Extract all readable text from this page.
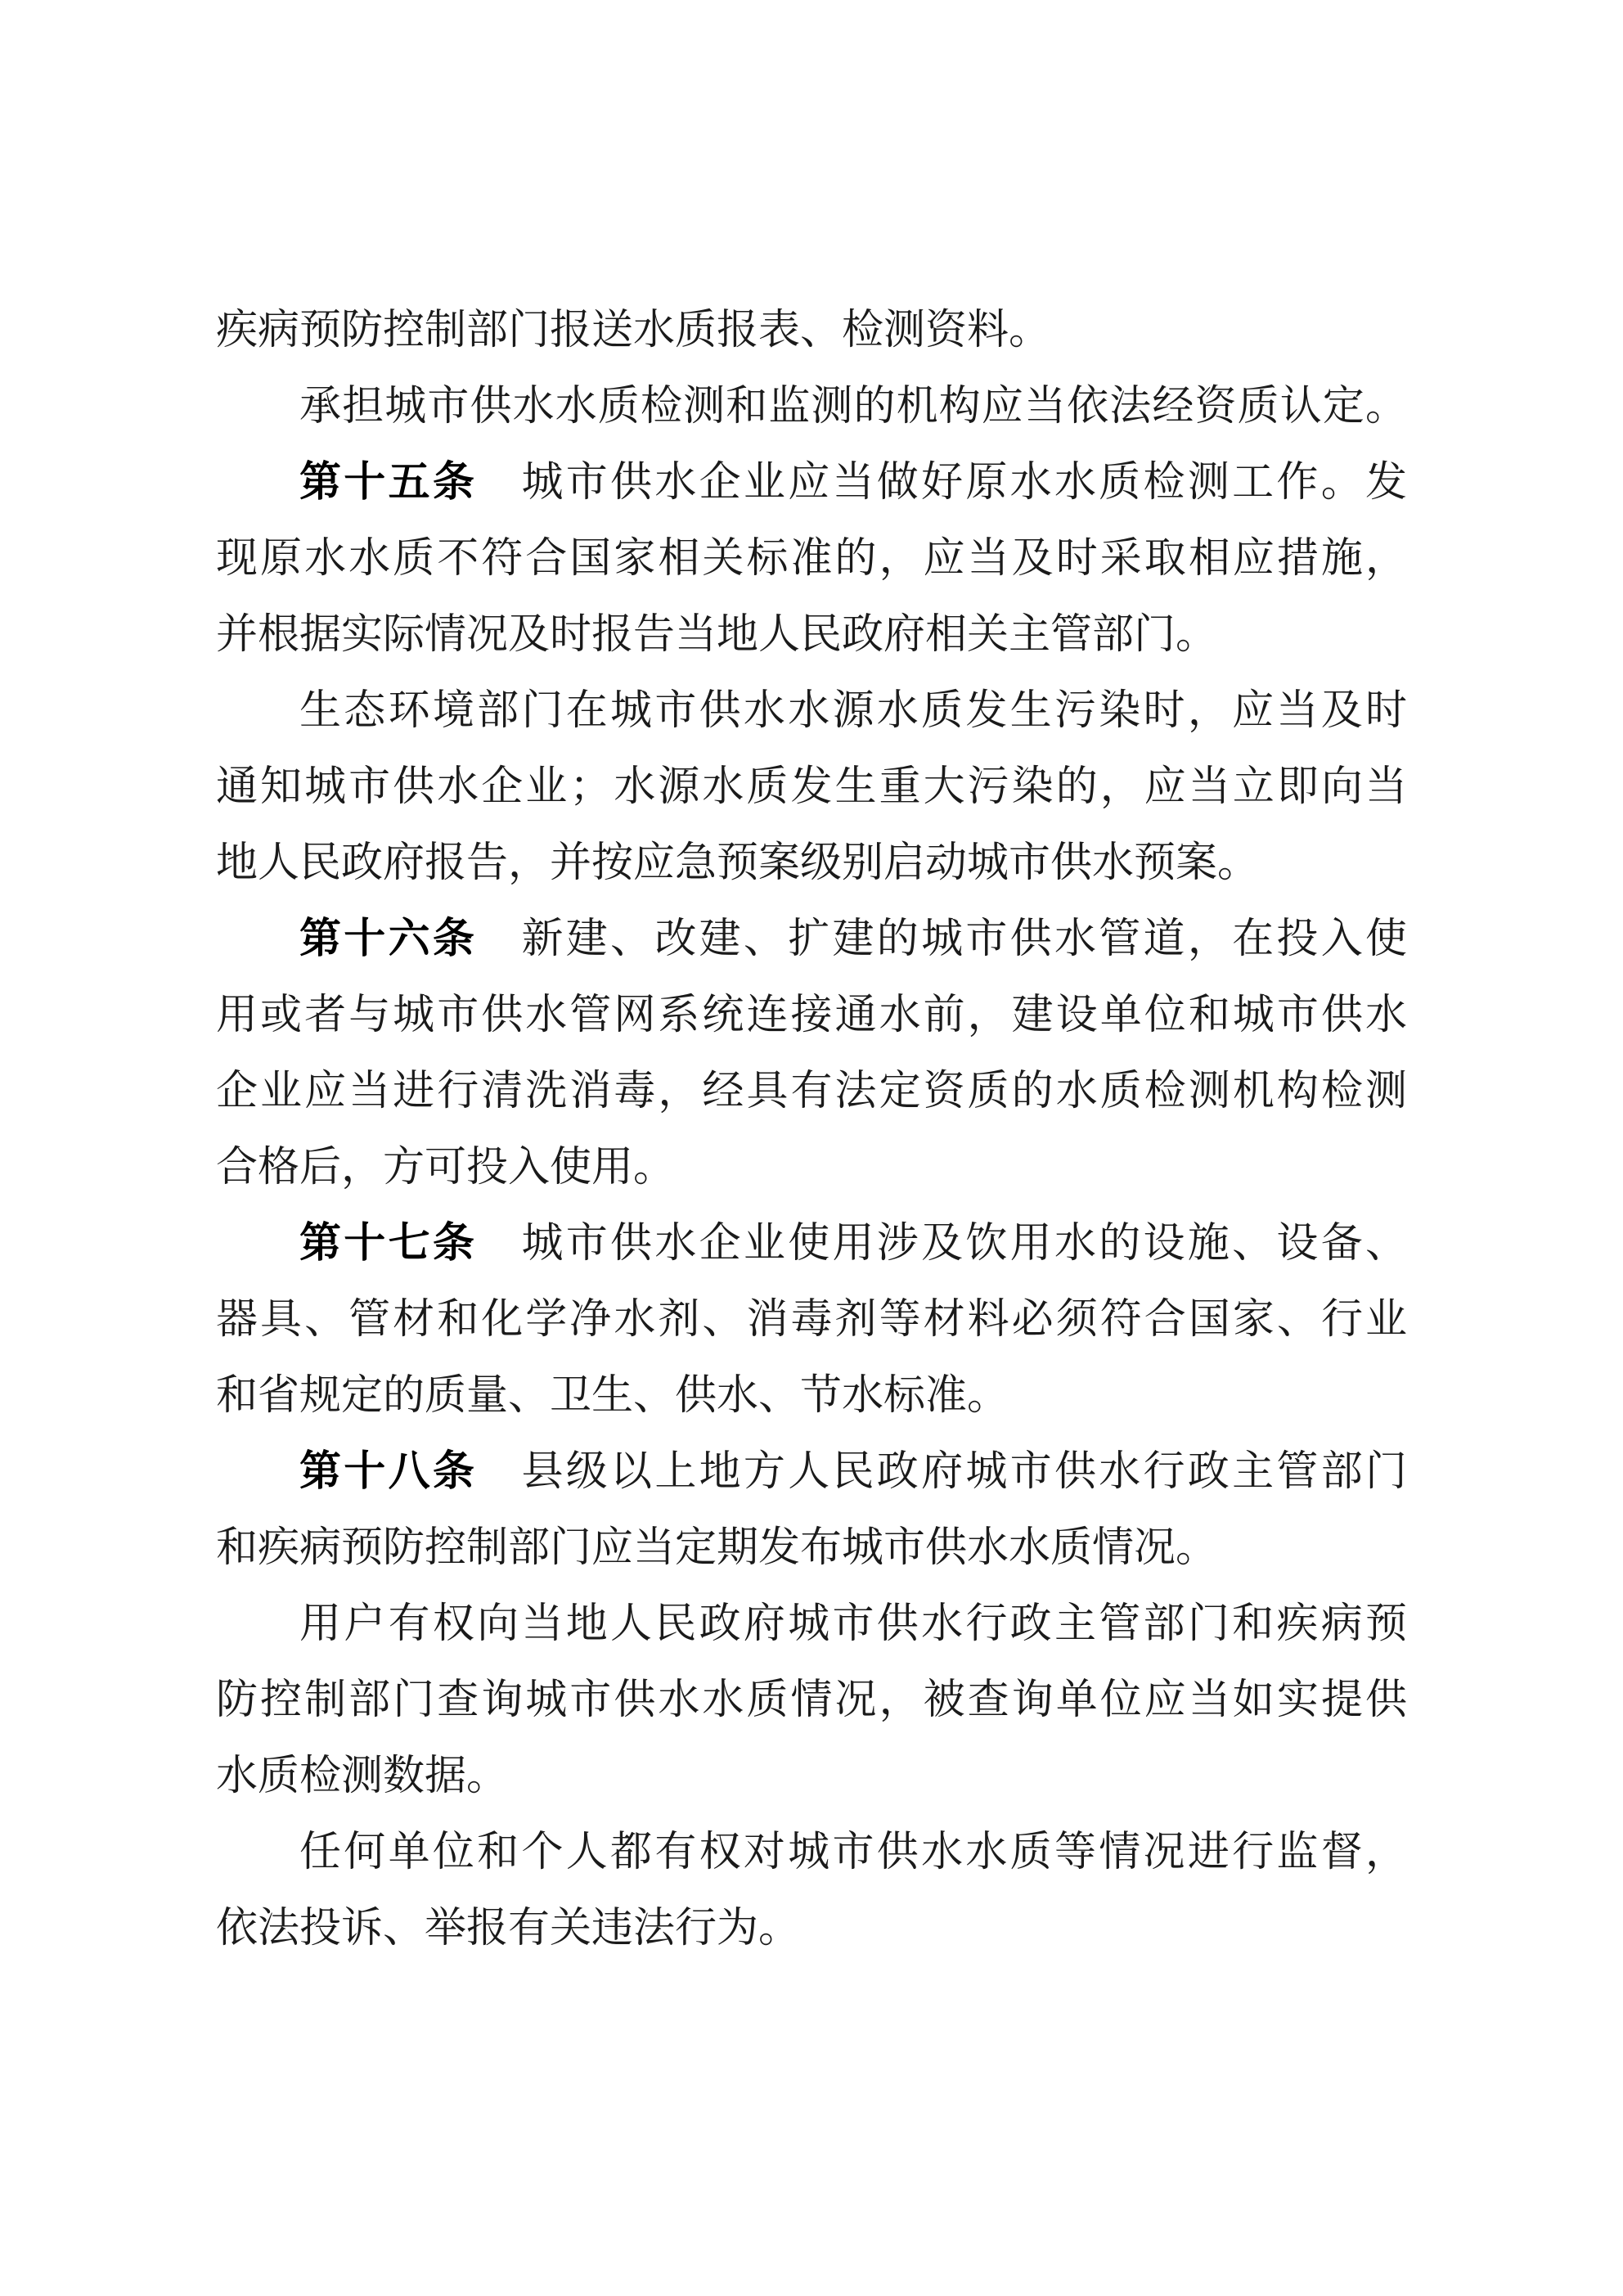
疾病预防控制部门报送水质报表、检测资料。
承担城市供水水质检测和监测的机构应当依法经资质认定。
第十五条　城市供水企业应当做好原水水质检测工作。发
现原水水质不符合国家相关标准的，应当及时采取相应措施，
并根据实际情况及时报告当地人民政府相关主管部门。
生态环境部门在城市供水水源水质发生污染时，应当及时
通知城市供水企业；水源水质发生重大污染的，应当立即向当
地人民政府报告，并按应急预案级别启动城市供水预案。
第十六条　新建、改建、扩建的城市供水管道，在投入使
用或者与城市供水管网系统连接通水前，建设单位和城市供水
企业应当进行清洗消毒，经具有法定资质的水质检测机构检测
合格后，方可投入使用。
第十七条　城市供水企业使用涉及饮用水的设施、设备、
器具、管材和化学净水剂、消毒剂等材料必须符合国家、行业
和省规定的质量、卫生、供水、节水标准。
第十八条　县级以上地方人民政府城市供水行政主管部门
和疾病预防控制部门应当定期发布城市供水水质情况。
用户有权向当地人民政府城市供水行政主管部门和疾病预
防控制部门查询城市供水水质情况，被查询单位应当如实提供
水质检测数据。
任何单位和个人都有权对城市供水水质等情况进行监督，
依法投诉、举报有关违法行为。
